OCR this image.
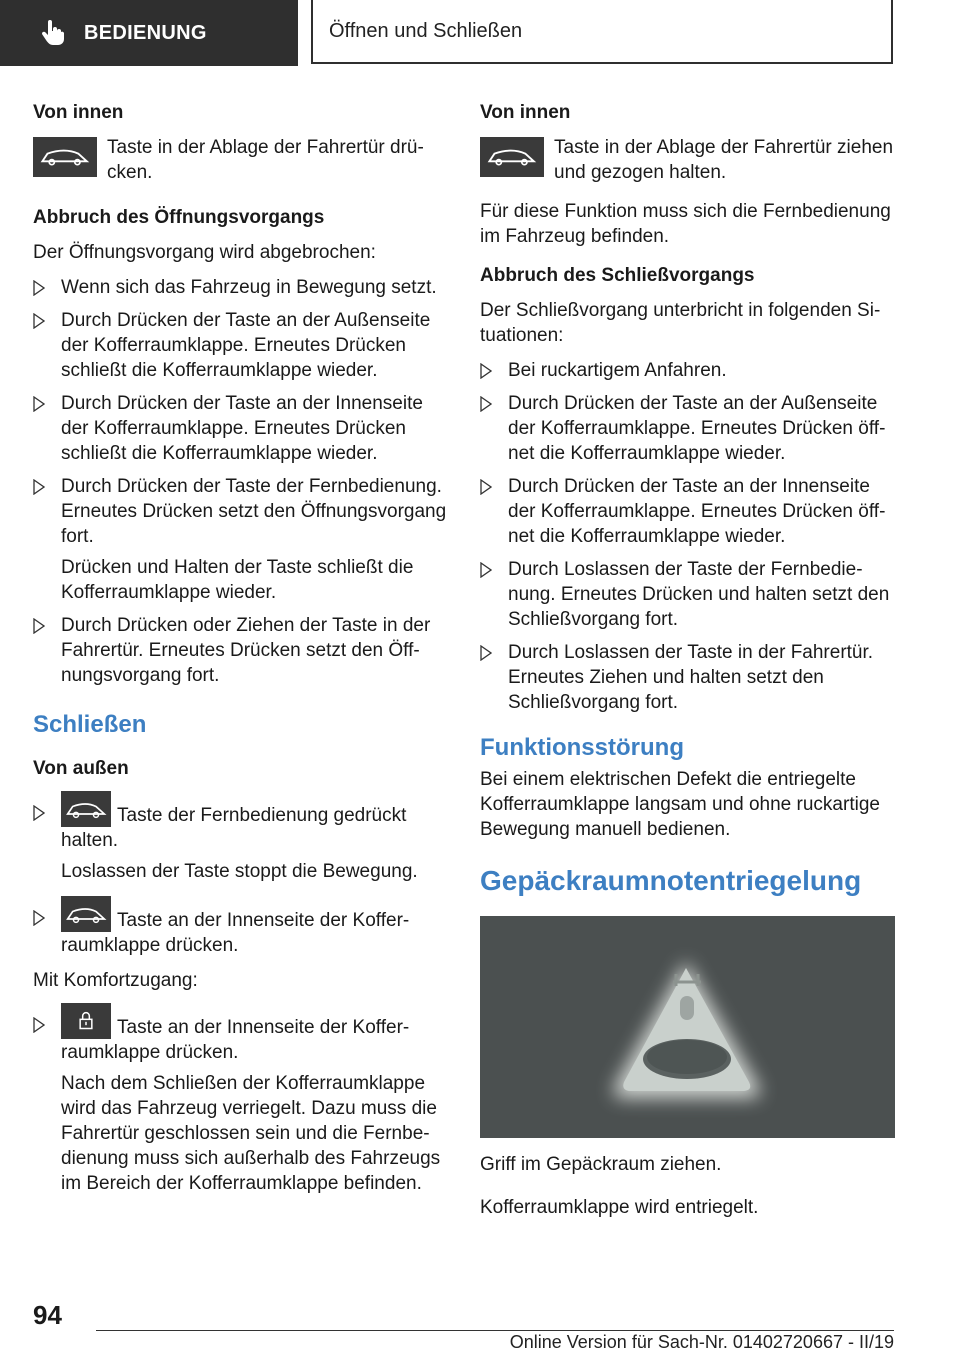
BEDIENUNG	Öffnen und Schließen
Von innen
Taste in der Ablage der Fahrertür drücken.
Abbruch des Öffnungsvorgangs
Der Öffnungsvorgang wird abgebrochen:
Wenn sich das Fahrzeug in Bewegung setzt.
Durch Drücken der Taste an der Außenseite der Kofferraumklappe. Erneutes Drücken schließt die Kofferraumklappe wieder.
Durch Drücken der Taste an der Innenseite der Kofferraumklappe. Erneutes Drücken schließt die Kofferraumklappe wieder.
Durch Drücken der Taste der Fernbedienung. Erneutes Drücken setzt den Öffnungsvorgang fort.
Drücken und Halten der Taste schließt die Kofferraumklappe wieder.
Durch Drücken oder Ziehen der Taste in der Fahrertür. Erneutes Drücken setzt den Öffnungsvorgang fort.
Schließen
Von außen
Taste der Fernbedienung gedrückt halten.
Loslassen der Taste stoppt die Bewegung.
Taste an der Innenseite der Kofferraumklappe drücken.
Mit Komfortzugang:
Taste an der Innenseite der Kofferraumklappe drücken.
Nach dem Schließen der Kofferraumklappe wird das Fahrzeug verriegelt. Dazu muss die Fahrertür geschlossen sein und die Fernbedienung muss sich außerhalb des Fahrzeugs im Bereich der Kofferraumklappe befinden.
Von innen
Taste in der Ablage der Fahrertür ziehen und gezogen halten.
Für diese Funktion muss sich die Fernbedienung im Fahrzeug befinden.
Abbruch des Schließvorgangs
Der Schließvorgang unterbricht in folgenden Situationen:
Bei ruckartigem Anfahren.
Durch Drücken der Taste an der Außenseite der Kofferraumklappe. Erneutes Drücken öffnet die Kofferraumklappe wieder.
Durch Drücken der Taste an der Innenseite der Kofferraumklappe. Erneutes Drücken öffnet die Kofferraumklappe wieder.
Durch Loslassen der Taste der Fernbedienung. Erneutes Drücken und halten setzt den Schließvorgang fort.
Durch Loslassen der Taste in der Fahrertür. Erneutes Ziehen und halten setzt den Schließvorgang fort.
Funktionsstörung
Bei einem elektrischen Defekt die entriegelte Kofferraumklappe langsam und ohne ruckartige Bewegung manuell bedienen.
Gepäckraumnotentriegelung
Griff im Gepäckraum ziehen.
Kofferraumklappe wird entriegelt.
94
Online Version für Sach-Nr. 01402720667 - II/19
